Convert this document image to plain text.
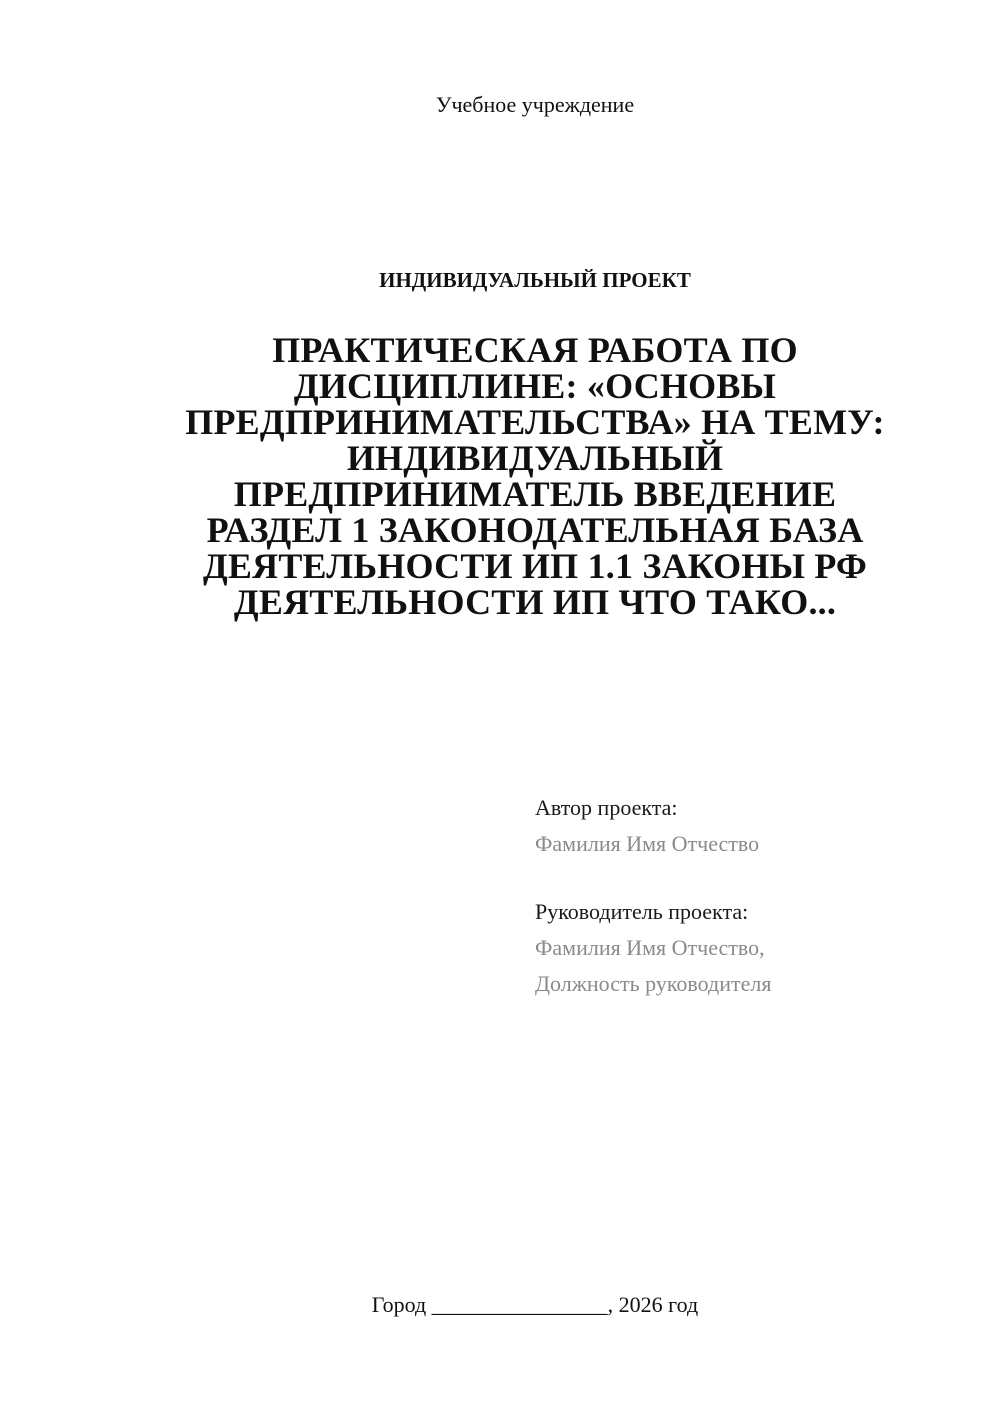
Учебное учреждение
ИНДИВИДУАЛЬНЫЙ ПРОЕКТ
ПРАКТИЧЕСКАЯ РАБОТА ПО
ДИСЦИПЛИНЕ: «ОСНОВЫ
ПРЕДПРИНИМАТЕЛЬСТВА» НА ТЕМУ:
ИНДИВИДУАЛЬНЫЙ
ПРЕДПРИНИМАТЕЛЬ ВВЕДЕНИЕ
РАЗДЕЛ 1 ЗАКОНОДАТЕЛЬНАЯ БАЗА
ДЕЯТЕЛЬНОСТИ ИП 1.1 ЗАКОНЫ РФ
ДЕЯТЕЛЬНОСТИ ИП ЧТО ТАКО...
Автор проекта:
Фамилия Имя Отчество
Руководитель проекта:
Фамилия Имя Отчество,
Должность руководителя
Город ________________, 2026 год
